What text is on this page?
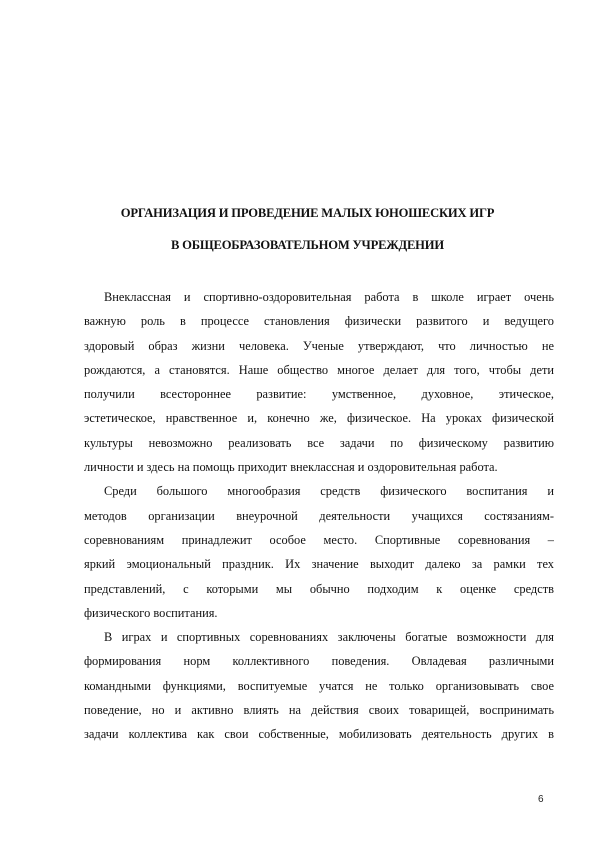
ОРГАНИЗАЦИЯ И ПРОВЕДЕНИЕ МАЛЫХ ЮНОШЕСКИХ ИГР
В ОБЩЕОБРАЗОВАТЕЛЬНОМ УЧРЕЖДЕНИИ
Внеклассная и спортивно-оздоровительная работа в школе играет очень
важную роль в процессе становления физически развитого и ведущего
здоровый образ жизни человека. Ученые утверждают, что личностью не
рождаются, а становятся. Наше общество многое делает для того, чтобы дети
получили всестороннее развитие: умственное, духовное, этическое,
эстетическое, нравственное и, конечно же, физическое. На уроках физической
культуры невозможно реализовать все задачи по физическому развитию
личности и здесь на помощь приходит внеклассная и оздоровительная работа.
Среди большого многообразия средств физического воспитания и
методов организации внеурочной деятельности учащихся состязаниям-
соревнованиям принадлежит особое место. Спортивные соревнования –
яркий эмоциональный праздник. Их значение выходит далеко за рамки тех
представлений, с которыми мы обычно подходим к оценке средств
физического воспитания.
В играх и спортивных соревнованиях заключены богатые возможности для
формирования норм коллективного поведения. Овладевая различными
командными функциями, воспитуемые учатся не только организовывать свое
поведение, но и активно влиять на действия своих товарищей, воспринимать
задачи коллектива как свои собственные, мобилизовать деятельность других в
6
